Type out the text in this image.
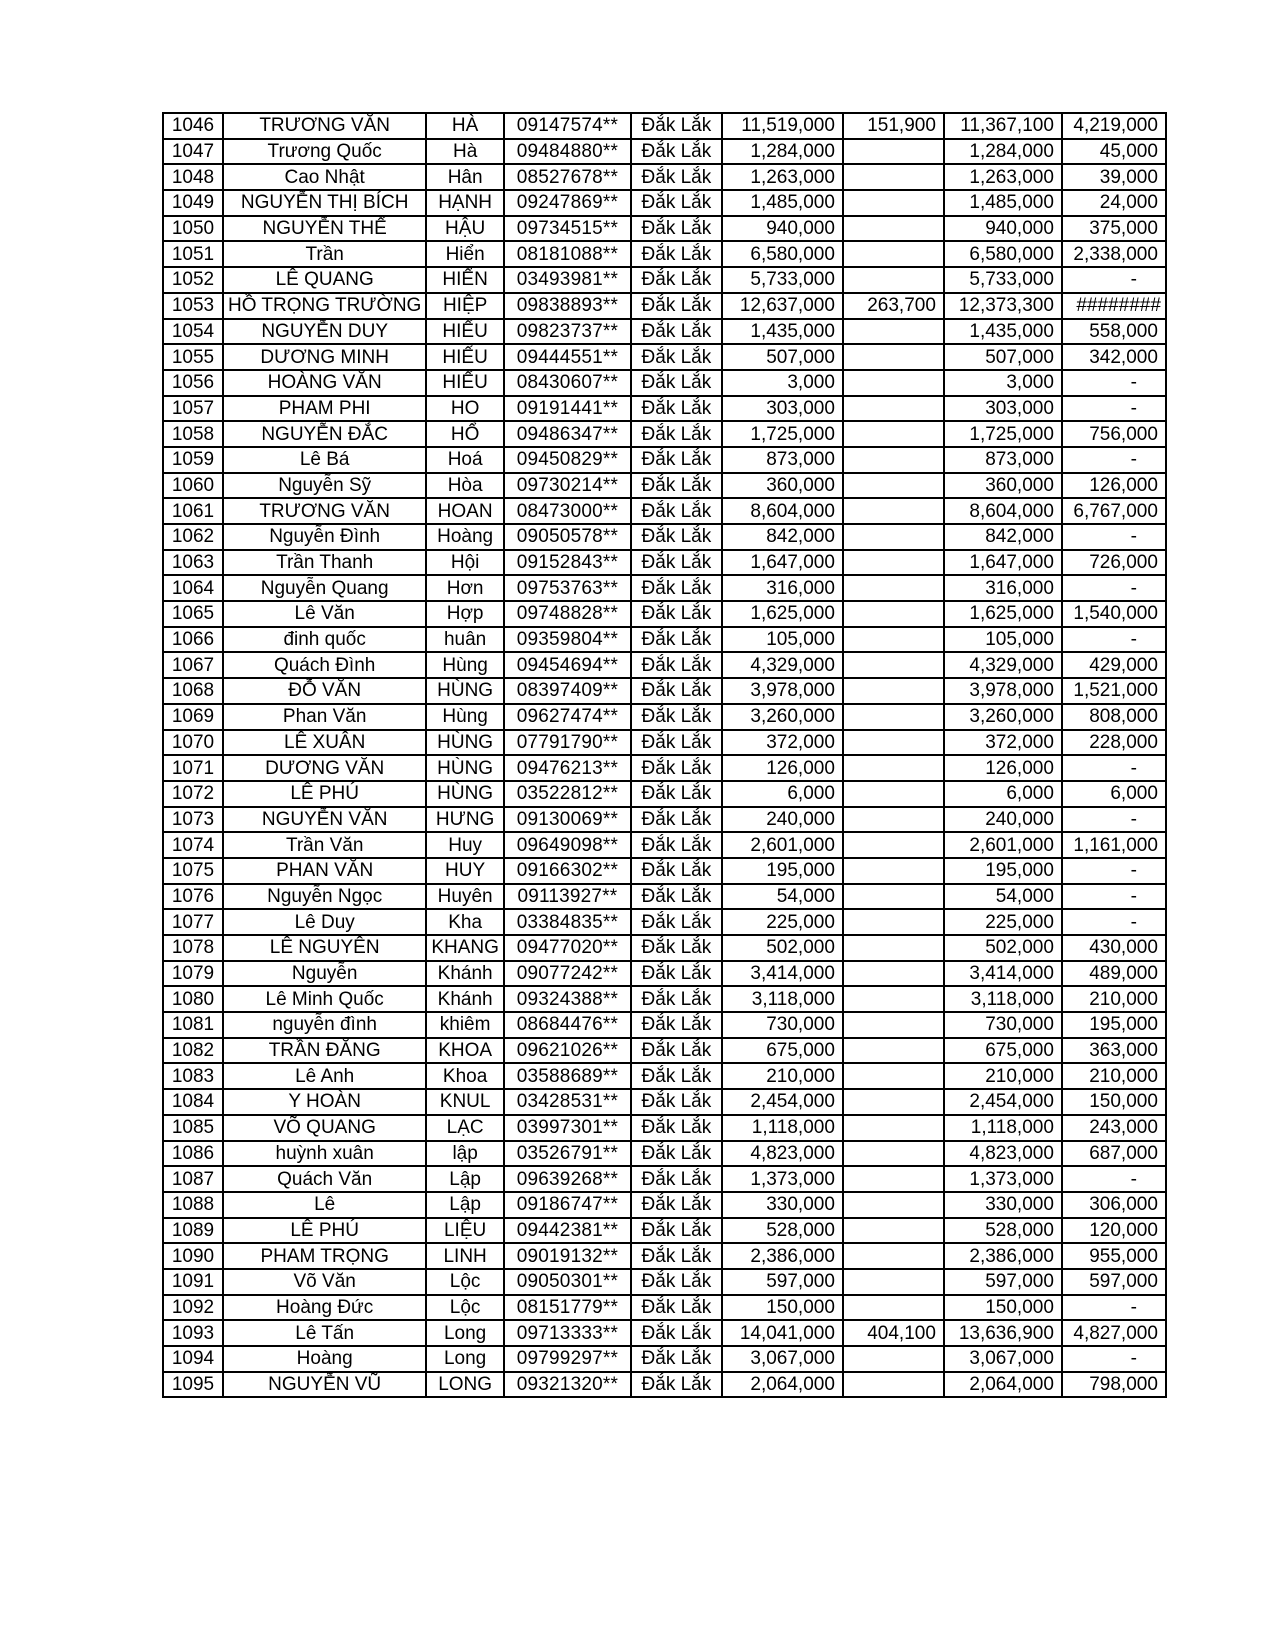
1046	TRƯƠNG VĂN	HÀ	09147574**	Đắk Lắk	11,519,000	151,900	11,367,100	4,219,000
1047	Trương Quốc	Hà	09484880**	Đắk Lắk	1,284,000		1,284,000	45,000
1048	Cao Nhật	Hân	08527678**	Đắk Lắk	1,263,000		1,263,000	39,000
1049	NGUYỄN THỊ BÍCH	HẠNH	09247869**	Đắk Lắk	1,485,000		1,485,000	24,000
1050	NGUYỄN THẾ	HẬU	09734515**	Đắk Lắk	940,000		940,000	375,000
1051	Trần	Hiển	08181088**	Đắk Lắk	6,580,000		6,580,000	2,338,000
1052	LÊ QUANG	HIỂN	03493981**	Đắk Lắk	5,733,000		5,733,000	-
1053	HỒ TRỌNG TRƯỜNG	HIỆP	09838893**	Đắk Lắk	12,637,000	263,700	12,373,300	########
1054	NGUYỄN DUY	HIẾU	09823737**	Đắk Lắk	1,435,000		1,435,000	558,000
1055	DƯƠNG MINH	HIẾU	09444551**	Đắk Lắk	507,000		507,000	342,000
1056	HOÀNG VĂN	HIẾU	08430607**	Đắk Lắk	3,000		3,000	-
1057	PHAM PHI	HO	09191441**	Đắk Lắk	303,000		303,000	-
1058	NGUYỄN ĐẮC	HỔ	09486347**	Đắk Lắk	1,725,000		1,725,000	756,000
1059	Lê Bá	Hoá	09450829**	Đắk Lắk	873,000		873,000	-
1060	Nguyễn Sỹ	Hòa	09730214**	Đắk Lắk	360,000		360,000	126,000
1061	TRƯƠNG VĂN	HOAN	08473000**	Đắk Lắk	8,604,000		8,604,000	6,767,000
1062	Nguyễn Đình	Hoàng	09050578**	Đắk Lắk	842,000		842,000	-
1063	Trần Thanh	Hội	09152843**	Đắk Lắk	1,647,000		1,647,000	726,000
1064	Nguyễn Quang	Hơn	09753763**	Đắk Lắk	316,000		316,000	-
1065	Lê Văn	Hợp	09748828**	Đắk Lắk	1,625,000		1,625,000	1,540,000
1066	đinh quốc	huân	09359804**	Đắk Lắk	105,000		105,000	-
1067	Quách Đình	Hùng	09454694**	Đắk Lắk	4,329,000		4,329,000	429,000
1068	ĐỖ VĂN	HÙNG	08397409**	Đắk Lắk	3,978,000		3,978,000	1,521,000
1069	Phan Văn	Hùng	09627474**	Đắk Lắk	3,260,000		3,260,000	808,000
1070	LÊ XUÂN	HÙNG	07791790**	Đắk Lắk	372,000		372,000	228,000
1071	DƯƠNG VĂN	HÙNG	09476213**	Đắk Lắk	126,000		126,000	-
1072	LÊ PHÚ	HÙNG	03522812**	Đắk Lắk	6,000		6,000	6,000
1073	NGUYỄN VĂN	HƯNG	09130069**	Đắk Lắk	240,000		240,000	-
1074	Trần Văn	Huy	09649098**	Đắk Lắk	2,601,000		2,601,000	1,161,000
1075	PHAN VĂN	HUY	09166302**	Đắk Lắk	195,000		195,000	-
1076	Nguyễn Ngọc	Huyên	09113927**	Đắk Lắk	54,000		54,000	-
1077	Lê Duy	Kha	03384835**	Đắk Lắk	225,000		225,000	-
1078	LÊ NGUYÊN	KHANG	09477020**	Đắk Lắk	502,000		502,000	430,000
1079	Nguyễn	Khánh	09077242**	Đắk Lắk	3,414,000		3,414,000	489,000
1080	Lê Minh Quốc	Khánh	09324388**	Đắk Lắk	3,118,000		3,118,000	210,000
1081	nguyễn đình	khiêm	08684476**	Đắk Lắk	730,000		730,000	195,000
1082	TRẦN ĐĂNG	KHOA	09621026**	Đắk Lắk	675,000		675,000	363,000
1083	Lê Anh	Khoa	03588689**	Đắk Lắk	210,000		210,000	210,000
1084	Y HOÀN	KNUL	03428531**	Đắk Lắk	2,454,000		2,454,000	150,000
1085	VÕ QUANG	LẠC	03997301**	Đắk Lắk	1,118,000		1,118,000	243,000
1086	huỳnh xuân	lập	03526791**	Đắk Lắk	4,823,000		4,823,000	687,000
1087	Quách Văn	Lập	09639268**	Đắk Lắk	1,373,000		1,373,000	-
1088	Lê	Lập	09186747**	Đắk Lắk	330,000		330,000	306,000
1089	LÊ PHÚ	LIỆU	09442381**	Đắk Lắk	528,000		528,000	120,000
1090	PHAM TRỌNG	LINH	09019132**	Đắk Lắk	2,386,000		2,386,000	955,000
1091	Võ Văn	Lộc	09050301**	Đắk Lắk	597,000		597,000	597,000
1092	Hoàng Đức	Lộc	08151779**	Đắk Lắk	150,000		150,000	-
1093	Lê Tấn	Long	09713333**	Đắk Lắk	14,041,000	404,100	13,636,900	4,827,000
1094	Hoàng	Long	09799297**	Đắk Lắk	3,067,000		3,067,000	-
1095	NGUYỄN VŨ	LONG	09321320**	Đắk Lắk	2,064,000		2,064,000	798,000
